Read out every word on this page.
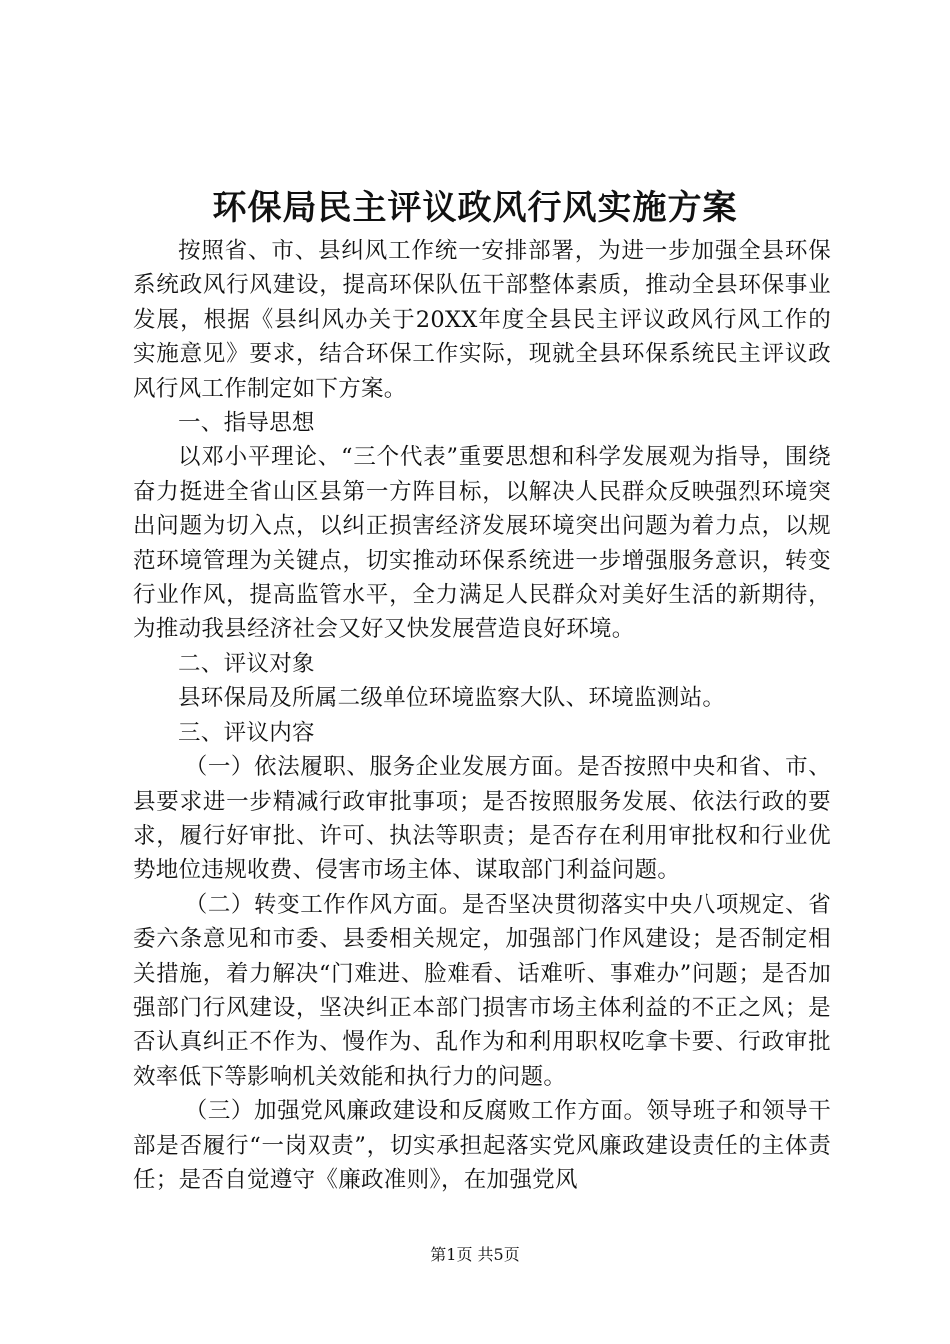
环保局民主评议政风行风实施方案

按照省、市、县纠风工作统一安排部署，为进一步加强全县环保系统政风行风建设，提高环保队伍干部整体素质，推动全县环保事业发展，根据《县纠风办关于20XX年度全县民主评议政风行风工作的实施意见》要求，结合环保工作实际，现就全县环保系统民主评议政风行风工作制定如下方案。

一、指导思想

以邓小平理论、“三个代表”重要思想和科学发展观为指导，围绕奋力挺进全省山区县第一方阵目标，以解决人民群众反映强烈环境突出问题为切入点，以纠正损害经济发展环境突出问题为着力点，以规范环境管理为关键点，切实推动环保系统进一步增强服务意识，转变行业作风，提高监管水平，全力满足人民群众对美好生活的新期待，为推动我县经济社会又好又快发展营造良好环境。

二、评议对象

县环保局及所属二级单位环境监察大队、环境监测站。

三、评议内容

（一）依法履职、服务企业发展方面。是否按照中央和省、市、县要求进一步精减行政审批事项；是否按照服务发展、依法行政的要求，履行好审批、许可、执法等职责；是否存在利用审批权和行业优势地位违规收费、侵害市场主体、谋取部门利益问题。

（二）转变工作作风方面。是否坚决贯彻落实中央八项规定、省委六条意见和市委、县委相关规定，加强部门作风建设；是否制定相关措施，着力解决“门难进、脸难看、话难听、事难办”问题；是否加强部门行风建设，坚决纠正本部门损害市场主体利益的不正之风；是否认真纠正不作为、慢作为、乱作为和利用职权吃拿卡要、行政审批效率低下等影响机关效能和执行力的问题。

（三）加强党风廉政建设和反腐败工作方面。领导班子和领导干部是否履行“一岗双责”，切实承担起落实党风廉政建设责任的主体责任；是否自觉遵守《廉政准则》，在加强党风

第1页 共5页
